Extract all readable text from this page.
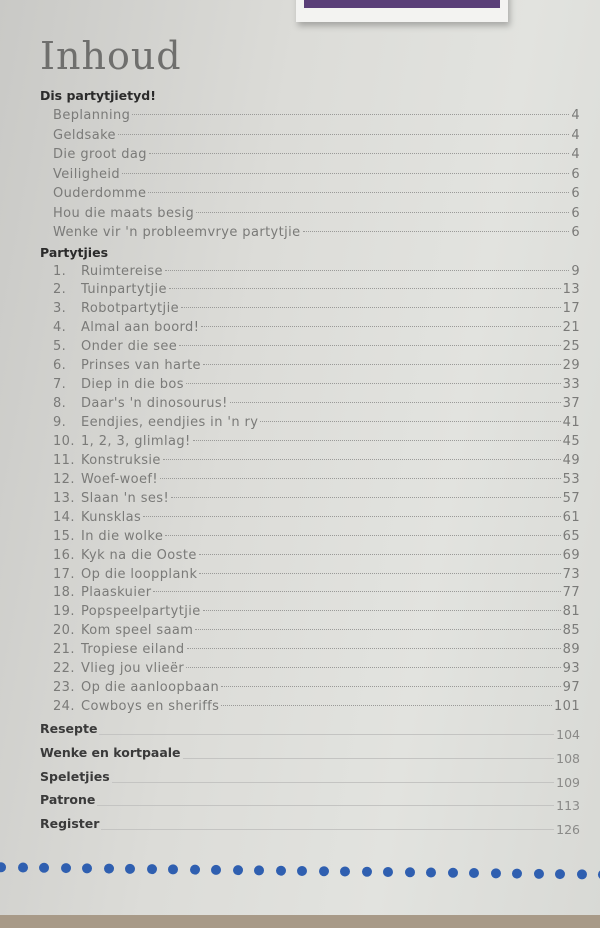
Inhoud
Dis partytjietyd!
Beplanning	4
Geldsake	4
Die groot dag	4
Veiligheid	6
Ouderdomme	6
Hou die maats besig	6
Wenke vir 'n probleemvrye partytjie	6
Partytjies
1.	Ruimtereise	9
2.	Tuinpartytjie	13
3.	Robotpartytjie	17
4.	Almal aan boord!	21
5.	Onder die see	25
6.	Prinses van harte	29
7.	Diep in die bos	33
8.	Daar's 'n dinosourus!	37
9.	Eendjies, eendjies in 'n ry	41
10. 1, 2, 3, glimlag!	45
11. Konstruksie	49
12. Woef-woef!	53
13. Slaan 'n ses!	57
14. Kunsklas	61
15. In die wolke	65
16. Kyk na die Ooste	69
17. Op die loopplank	73
18. Plaaskuier	77
19. Popspeelpartytjie	81
20. Kom speel saam	85
21. Tropiese eiland	89
22. Vlieg jou vlieër	93
23. Op die aanloopbaan	97
24. Cowboys en sheriffs	101
Resepte	104
Wenke en kortpaale	108
Speletjies	109
Patrone	113
Register	126
